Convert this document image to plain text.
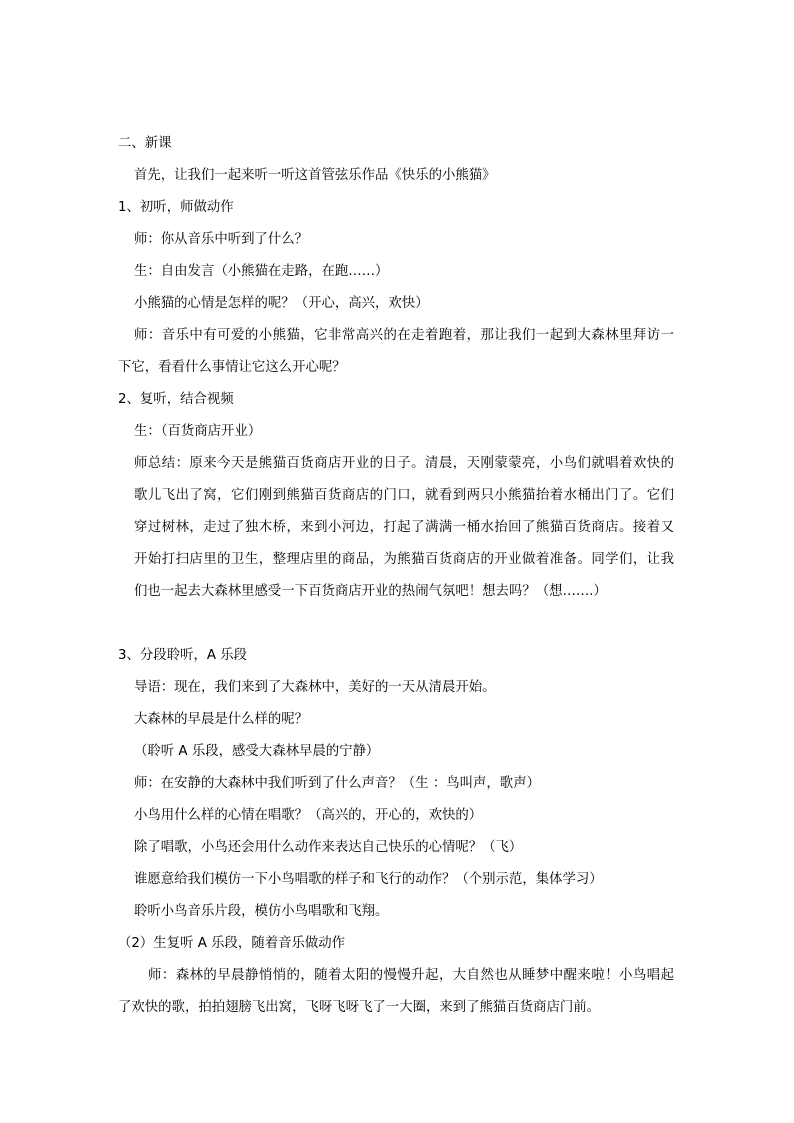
二、新课
首先，让我们一起来听一听这首管弦乐作品《快乐的小熊猫》
1、初听，师做动作
师：你从音乐中听到了什么？
生：自由发言（小熊猫在走路，在跑……）
小熊猫的心情是怎样的呢？（开心，高兴，欢快）
师：音乐中有可爱的小熊猫，它非常高兴的在走着跑着，那让我们一起到大森林里拜访一
下它，看看什么事情让它这么开心呢？
2、复听，结合视频
生：（百货商店开业）
师总结：原来今天是熊猫百货商店开业的日子。清晨，天刚蒙蒙亮，小鸟们就唱着欢快的
歌儿飞出了窝，它们刚到熊猫百货商店的门口，就看到两只小熊猫抬着水桶出门了。它们
穿过树林，走过了独木桥，来到小河边，打起了满满一桶水抬回了熊猫百货商店。接着又
开始打扫店里的卫生，整理店里的商品，为熊猫百货商店的开业做着准备。同学们，让我
们也一起去大森林里感受一下百货商店开业的热闹气氛吧！想去吗？（想…….）
3、分段聆听，A 乐段
导语：现在，我们来到了大森林中，美好的一天从清晨开始。
大森林的早晨是什么样的呢？
（聆听 A 乐段，感受大森林早晨的宁静）
师：在安静的大森林中我们听到了什么声音？（生 ：鸟叫声，歌声）
小鸟用什么样的心情在唱歌？（高兴的，开心的，欢快的）
除了唱歌，小鸟还会用什么动作来表达自己快乐的心情呢？（飞）
谁愿意给我们模仿一下小鸟唱歌的样子和飞行的动作？（个别示范，集体学习）
聆听小鸟音乐片段，模仿小鸟唱歌和飞翔。
（2）生复听 A 乐段，随着音乐做动作
师：森林的早晨静悄悄的，随着太阳的慢慢升起，大自然也从睡梦中醒来啦！小鸟唱起
了欢快的歌，拍拍翅膀飞出窝，飞呀飞呀飞了一大圈，来到了熊猫百货商店门前。
